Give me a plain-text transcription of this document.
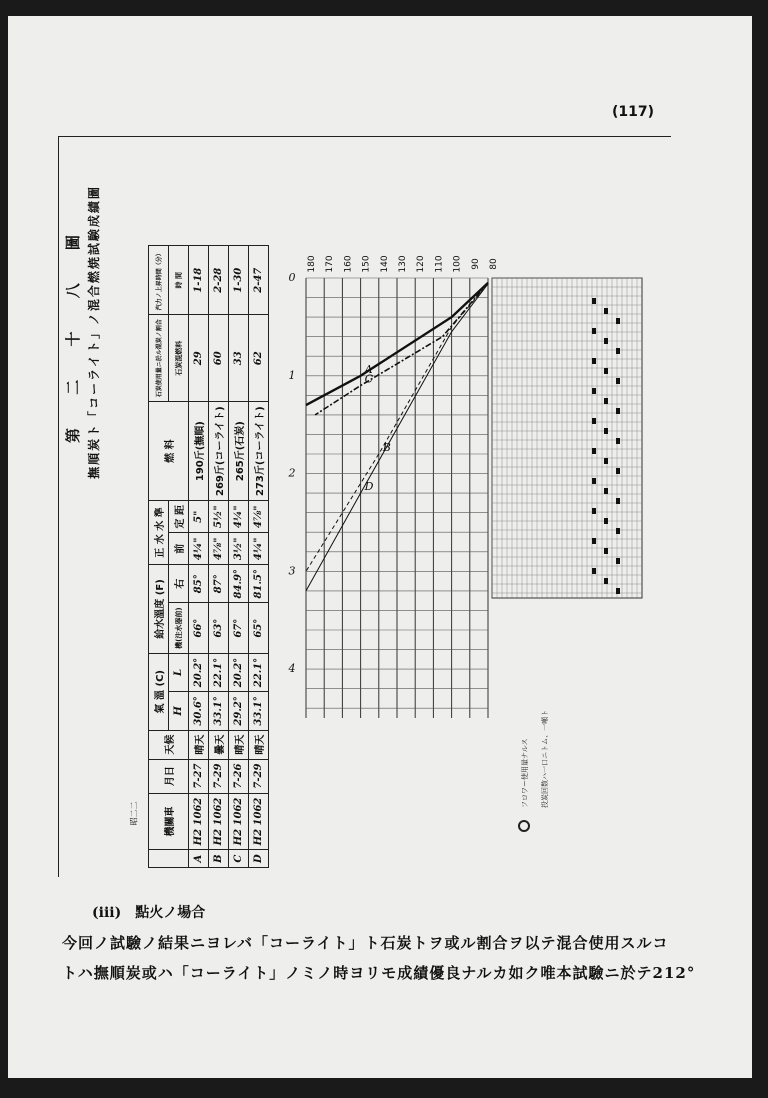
(117)
第 二 十 八 圖 撫順炭ト「コーライト」ノ混合燃焼試験成績圖
昭二二
		機關車	月日	天候	氣 溫 (C)		給水溫度 (F)		正 水 水 準		燃 料	石炭使用量ニ於ル混炭ノ割合	汽力ノ上昇時間（分）
				H	L	機(注水器前)	右	前	定 距		石炭混燃料	時 間
A	H2 1062	7-27	晴天	30.6°	20.2°	66°	85°	4¼"	5"	190斤(撫順)	29	1-18
B	H2 1062	7-29	曇天	33.1°	22.1°	63°	87°	4⅞"	5½"	269斤(コーライト)	60	2-28
C	H2 1062	7-26	晴天	29.2°	20.2°	67°	84.9°	3½"	4¼"	265斤(石炭)	33	1-30
D	H2 1062	7-29	晴天	33.1°	22.1°	65°	81.5°	4¼"	4⅞"	273斤(コーライト)	62	2-47
180 170 160 150 140 130 120 110 100 90 80
0
1
2
3
4
A
B
C
D
フロワー使用量ナルス 投炭回数ハ一口ニトム、一噸ト
(iii)　點火ノ場合
今回ノ試驗ノ結果ニヨレバ「コーライト」ト石炭トヲ或ル割合ヲ以テ混合使用スルコ
トハ撫順炭或ハ「コーライト」ノミノ時ヨリモ成績優良ナルカ如ク唯本試驗ニ於テ212°
